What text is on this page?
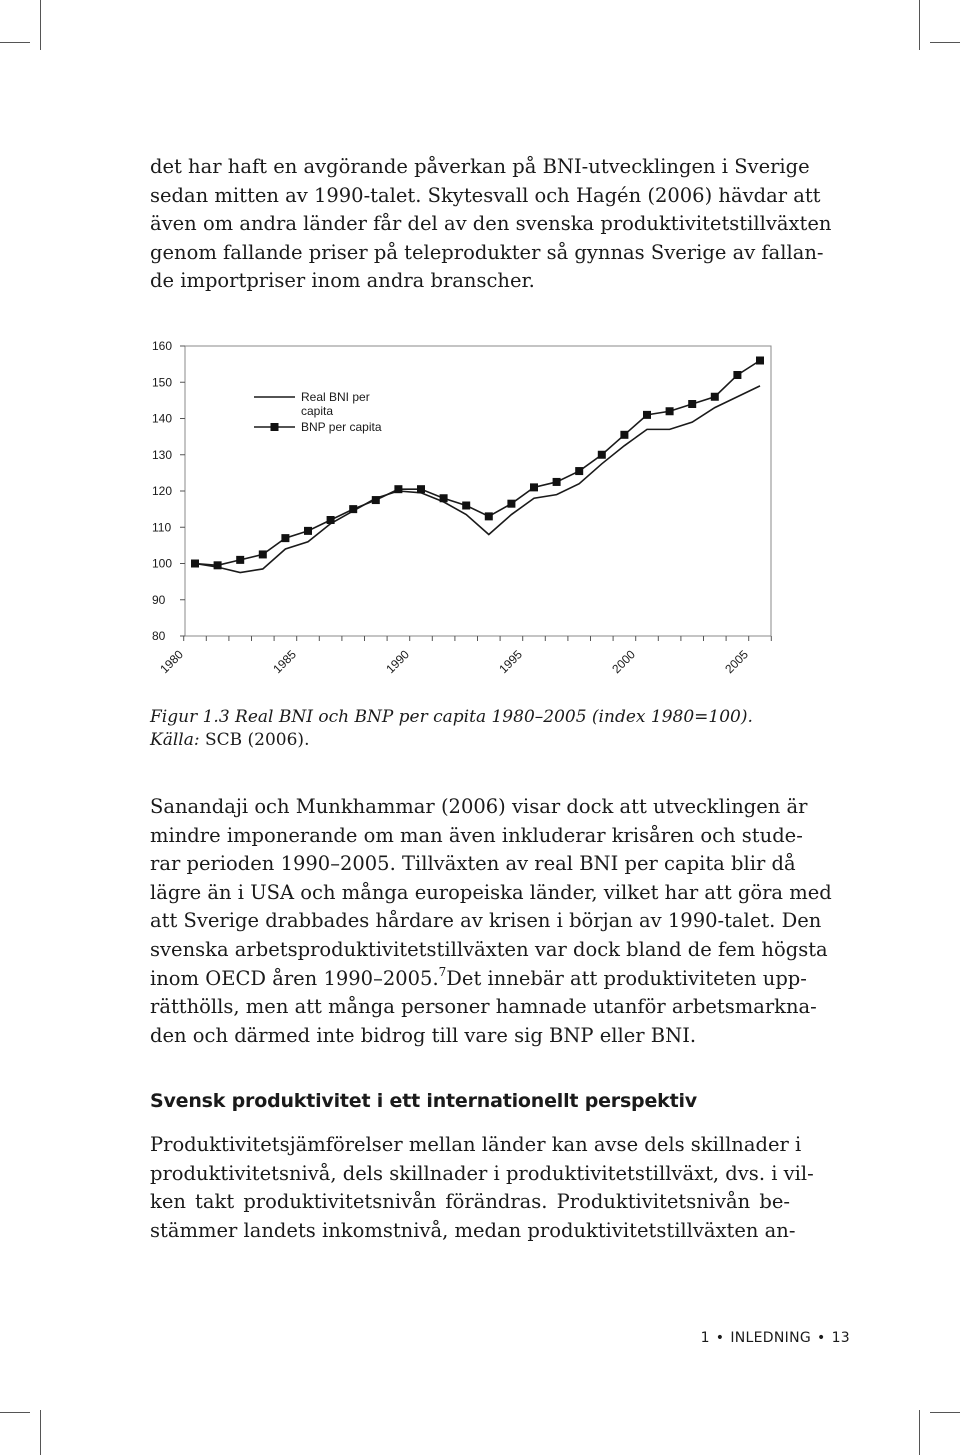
det har haft en avgörande påverkan på BNI-utvecklingen i Sverige
sedan mitten av 1990-talet. Skytesvall och Hagén (2006) hävdar att
även om andra länder får del av den svenska produktivitetstillväxten
genom fallande priser på teleprodukter så gynnas Sverige av fallan-
de importpriser inom andra branscher.
80
90
100
110
120
130
140
150
160
1980	1985	1990	1995	2000	2005
Real BNI per
capita
BNP per capita
Figur 1.3 Real BNI och BNP per capita 1980–2005 (index 1980=100).
Källa: SCB (2006).
Sanandaji och Munkhammar (2006) visar dock att utvecklingen är
mindre imponerande om man även inkluderar krisåren och stude-
rar perioden 1990–2005. Tillväxten av real BNI per capita blir då
lägre än i USA och många europeiska länder, vilket har att göra med
att Sverige drabbades hårdare av krisen i början av 1990-talet. Den
svenska arbetsproduktivitetstillväxten var dock bland de fem högsta
inom OECD åren 1990–2005.$^7$ Det innebär att produktiviteten upp-
rätthölls, men att många personer hamnade utanför arbetsmarkna-
den och därmed inte bidrog till vare sig BNP eller BNI.
Svensk produktivitet i ett internationellt perspektiv
Produktivitetsjämförelser mellan länder kan avse dels skillnader i
produktivitetsnivå, dels skillnader i produktivitetstillväxt, dvs. i vil-
ken takt produktivitetsnivån förändras. Produktivitetsnivån be-
stämmer landets inkomstnivå, medan produktivitetstillväxten an-
1 • INLEDNING • 13
